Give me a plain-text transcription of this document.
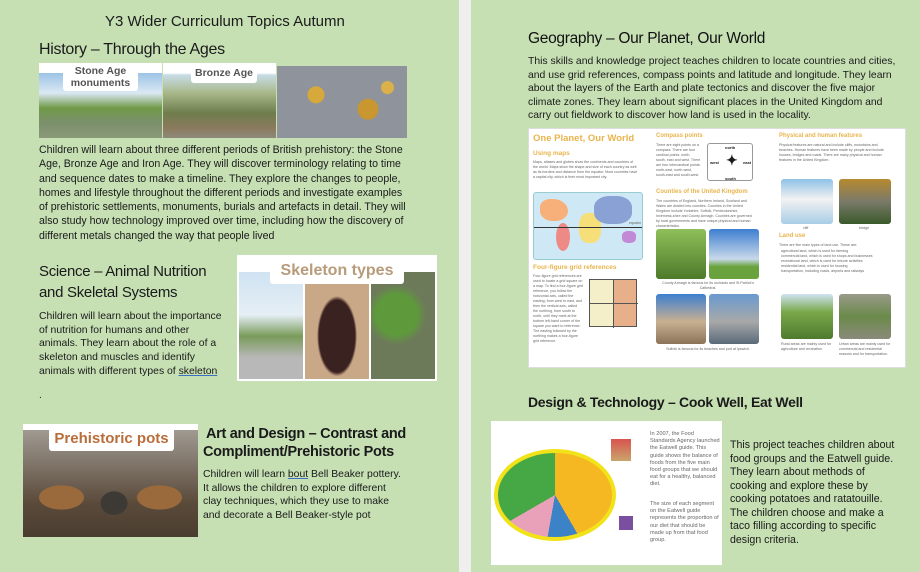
Y3 Wider Curriculum Topics Autumn
History – Through the Ages
Stone Age monuments
Bronze Age

Children will learn about three different periods of British prehistory: the Stone Age, Bronze Age and Iron Age. They will discover terminology relating to time and sequence dates to make a timeline. They explore the changes to people, homes and lifestyle throughout the different periods and investigate examples of prehistoric settlements, monuments, burials and artefacts in detail. They will also study how technology improved over time, including how the discovery of different metals changed the way that people lived

Science – Animal Nutrition
and Skeletal Systems

Children will learn about the importance of nutrition for humans and other animals. They learn about the role of a skeleton and muscles and identify animals with different types of skeleton

.
Skeleton types
Prehistoric pots	Art and Design – Contrast and
Compliment/Prehistoric Pots

Children will learn bout Bell Beaker pottery. It allows the children to explore different clay techniques, which they use to make and decorate a Bell Beaker-style pot

Geography – Our Planet, Our World

This skills and knowledge project teaches children to locate countries and cities, and use grid references, compass points and latitude and longitude. They learn about the layers of the Earth and plate tectonics and discover the five major climate zones. They learn about significant places in the United Kingdom and carry out fieldwork to discover how land is used in the locality.

One Planet, Our World
Using maps
Maps, atlases and globes show the continents and countries of the world. Maps show the shape and size of each country as well as its borders and distance from the equator. Most countries have a capital city, which is their most important city.
equator
Four-figure grid references
Four-figure grid references are used to locate a grid square on a map. To find a four-figure grid reference, you follow the horizontal axis, called the easting, from west to east, and then the vertical axis, called the northing, from south to north, until they meet at the bottom left-hand corner of the square you want to reference. The easting followed by the northing makes a four-figure grid reference.
Compass points
There are eight points on a compass. There are four cardinal points: north, south, east and west. There are four intercardinal points: north-east, north-west, south-east and south-west.
north
west	east
south
✦
Counties of the United Kingdom
The countries of England, Northern Ireland, Scotland and Wales are divided into counties. Counties in the United Kingdom include Yorkshire, Suffolk, Pembrokeshire, Inverness-shire and County Armagh. Counties are governed by local governments and have unique physical and human characteristics.
County Armagh is famous for its orchards and St Patrick's Cathedral.
Suffolk is famous for its beaches and port at Ipswich.
Physical and human features
Physical features are natural and include cliffs, mountains and beaches. Human features have been made by people and include houses, bridges and roads. There are many physical and human features in the United Kingdom.
cliff	bridge
Land use
There are five main types of land use. These are:
agricultural land, which is used for farming
commercial land, which is used for shops and businesses
recreational land, which is used for leisure activities
residential land, which is used for housing
transportation, including roads, airports and railways
Rural areas are mainly used for agriculture and recreation.
Urban areas are mainly used for commercial and residential reasons and for transportation.
Design & Technology – Cook Well, Eat Well
In 2007, the Food Standards Agency launched the Eatwell guide. This guide shows the balance of foods from the five main food groups that we should eat for a healthy, balanced diet.
The size of each segment on the Eatwell guide represents the proportion of our diet that should be made up from that food group.

This project teaches children about food groups and the Eatwell guide. They learn about methods of cooking and explore these by cooking potatoes and ratatouille. The children choose and make a taco filling according to specific design criteria.
